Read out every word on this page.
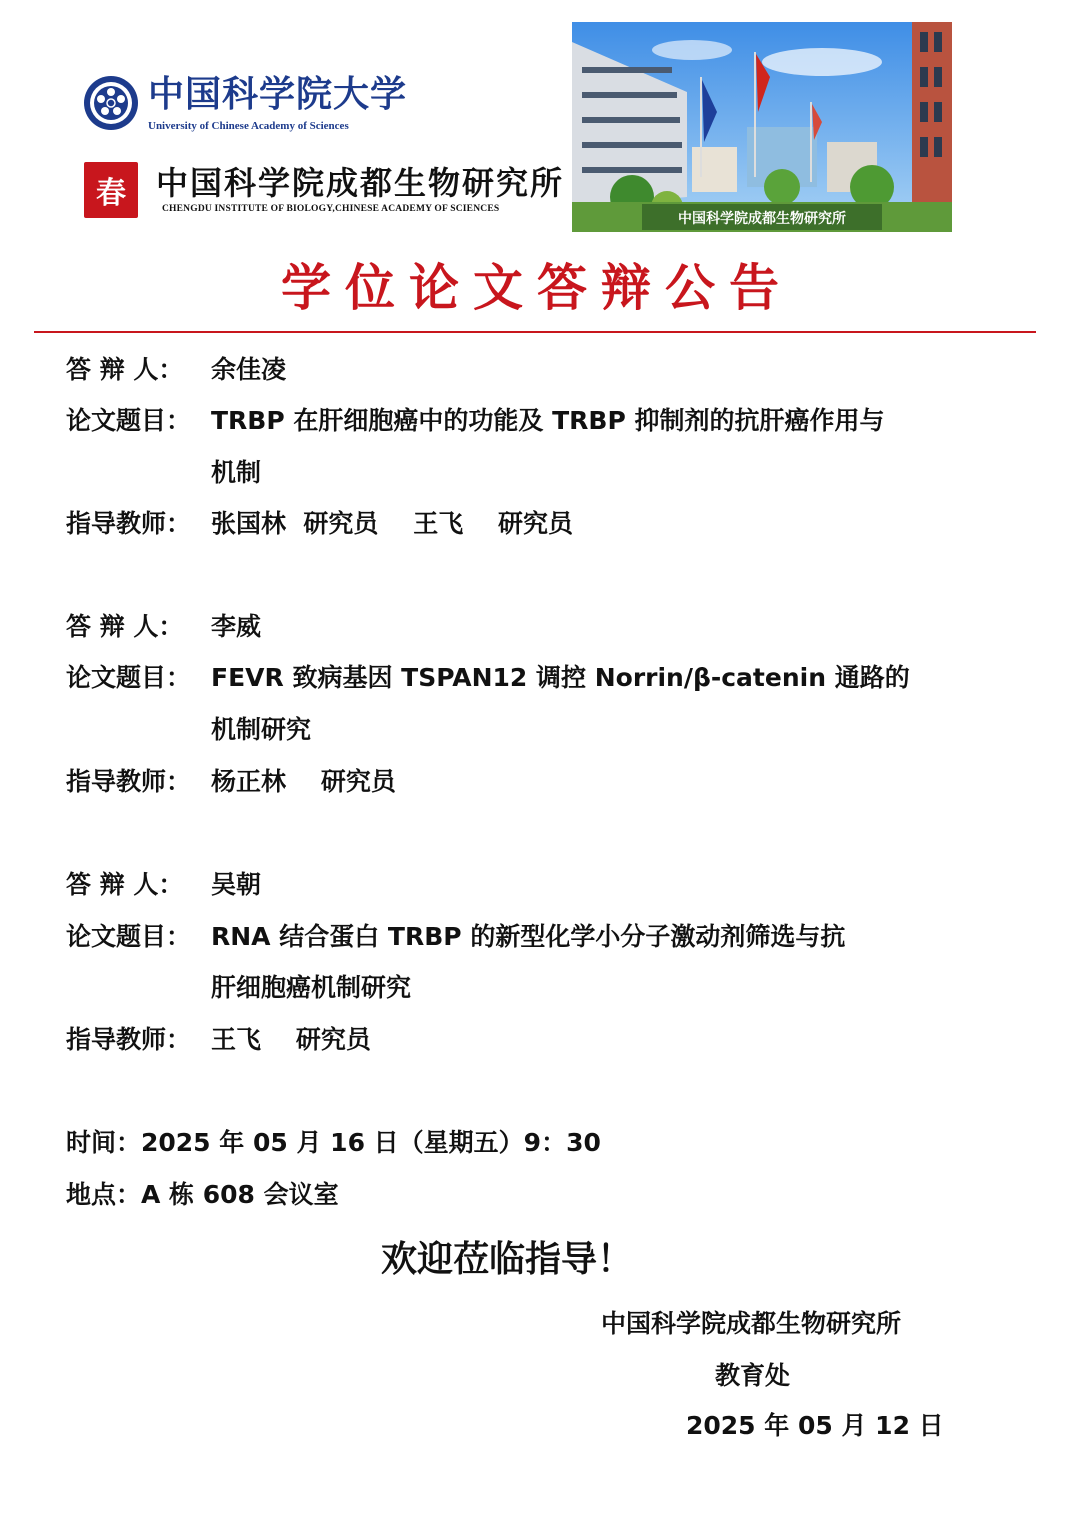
中国科学院大学
University of Chinese Academy of Sciences
春 中国科学院成都生物研究所
CHENGDU INSTITUTE OF BIOLOGY,CHINESE ACADEMY OF SCIENCES
中国科学院成都生物研究所
学位论文答辩公告
答 辩 人： 余佳凌
论文题目： TRBP 在肝细胞癌中的功能及 TRBP 抑制剂的抗肝癌作用与
机制
指导教师： 张国林  研究员    王飞    研究员
答 辩 人： 李威
论文题目： FEVR 致病基因 TSPAN12 调控 Norrin/β-catenin 通路的
机制研究
指导教师： 杨正林    研究员
答 辩 人： 吴朝
论文题目： RNA 结合蛋白 TRBP 的新型化学小分子激动剂筛选与抗
肝细胞癌机制研究
指导教师： 王飞    研究员
时间：2025 年 05 月 16 日（星期五）9：30
地点：A 栋 608 会议室
欢迎莅临指导！
中国科学院成都生物研究所
教育处
2025 年 05 月 12 日
